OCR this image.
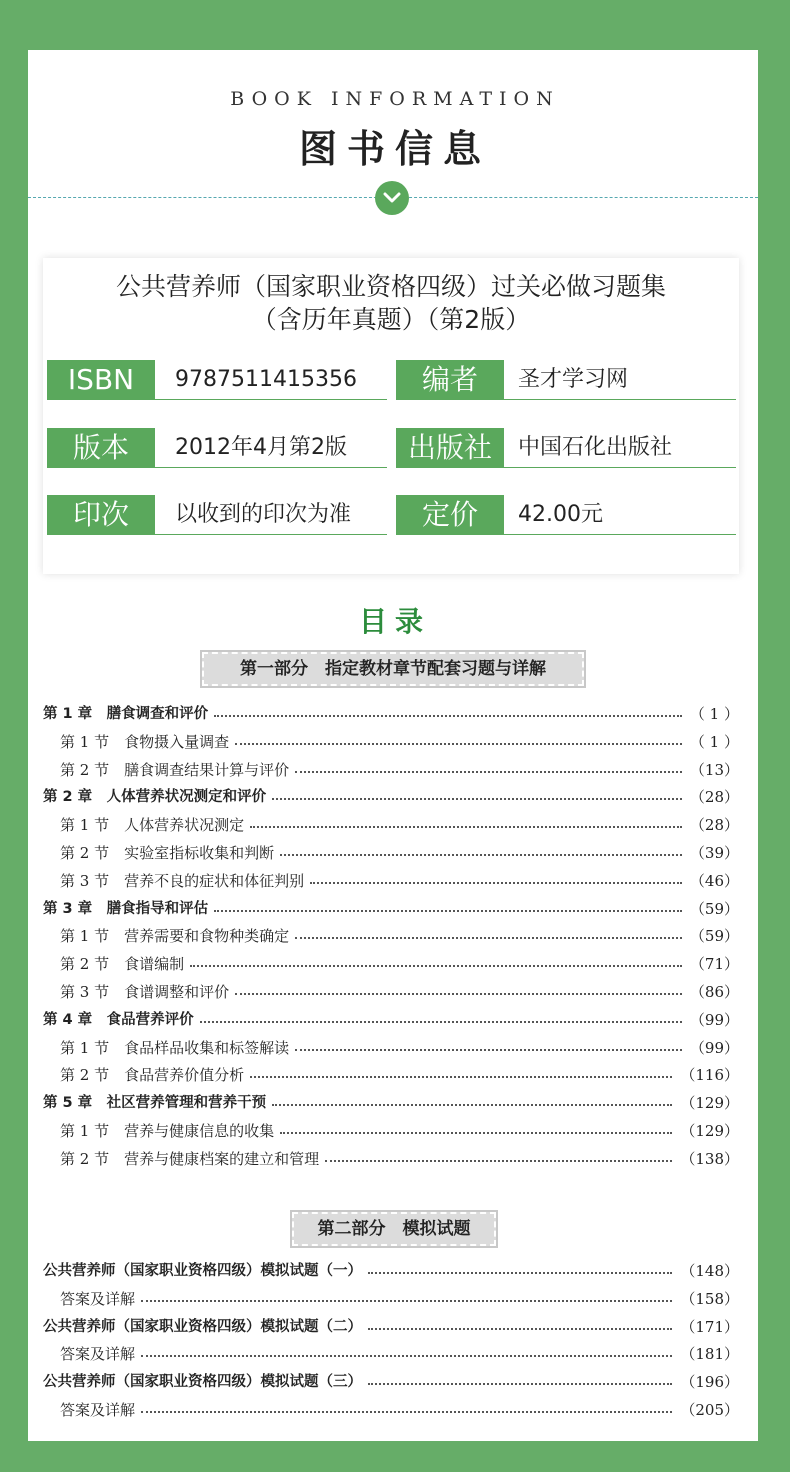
BOOK INFORMATION
图书信息
公共营养师（国家职业资格四级）过关必做习题集
（含历年真题）（第2版）
ISBN	9787511415356	编者	圣才学习网
版本	2012年4月第2版	出版社	中国石化出版社
印次	以收到的印次为准	定价	42.00元
目录
第一部分　指定教材章节配套习题与详解
第 1 章　膳食调查和评价	（ 1 ）
第 1 节　食物摄入量调查	（ 1 ）
第 2 节　膳食调查结果计算与评价	（13）
第 2 章　人体营养状况测定和评价	（28）
第 1 节　人体营养状况测定	（28）
第 2 节　实验室指标收集和判断	（39）
第 3 节　营养不良的症状和体征判别	（46）
第 3 章　膳食指导和评估	（59）
第 1 节　营养需要和食物种类确定	（59）
第 2 节　食谱编制	（71）
第 3 节　食谱调整和评价	（86）
第 4 章　食品营养评价	（99）
第 1 节　食品样品收集和标签解读	（99）
第 2 节　食品营养价值分析	（116）
第 5 章　社区营养管理和营养干预	（129）
第 1 节　营养与健康信息的收集	（129）
第 2 节　营养与健康档案的建立和管理	（138）
第二部分　模拟试题
公共营养师（国家职业资格四级）模拟试题（一）	（148）
答案及详解	（158）
公共营养师（国家职业资格四级）模拟试题（二）	（171）
答案及详解	（181）
公共营养师（国家职业资格四级）模拟试题（三）	（196）
答案及详解	（205）
